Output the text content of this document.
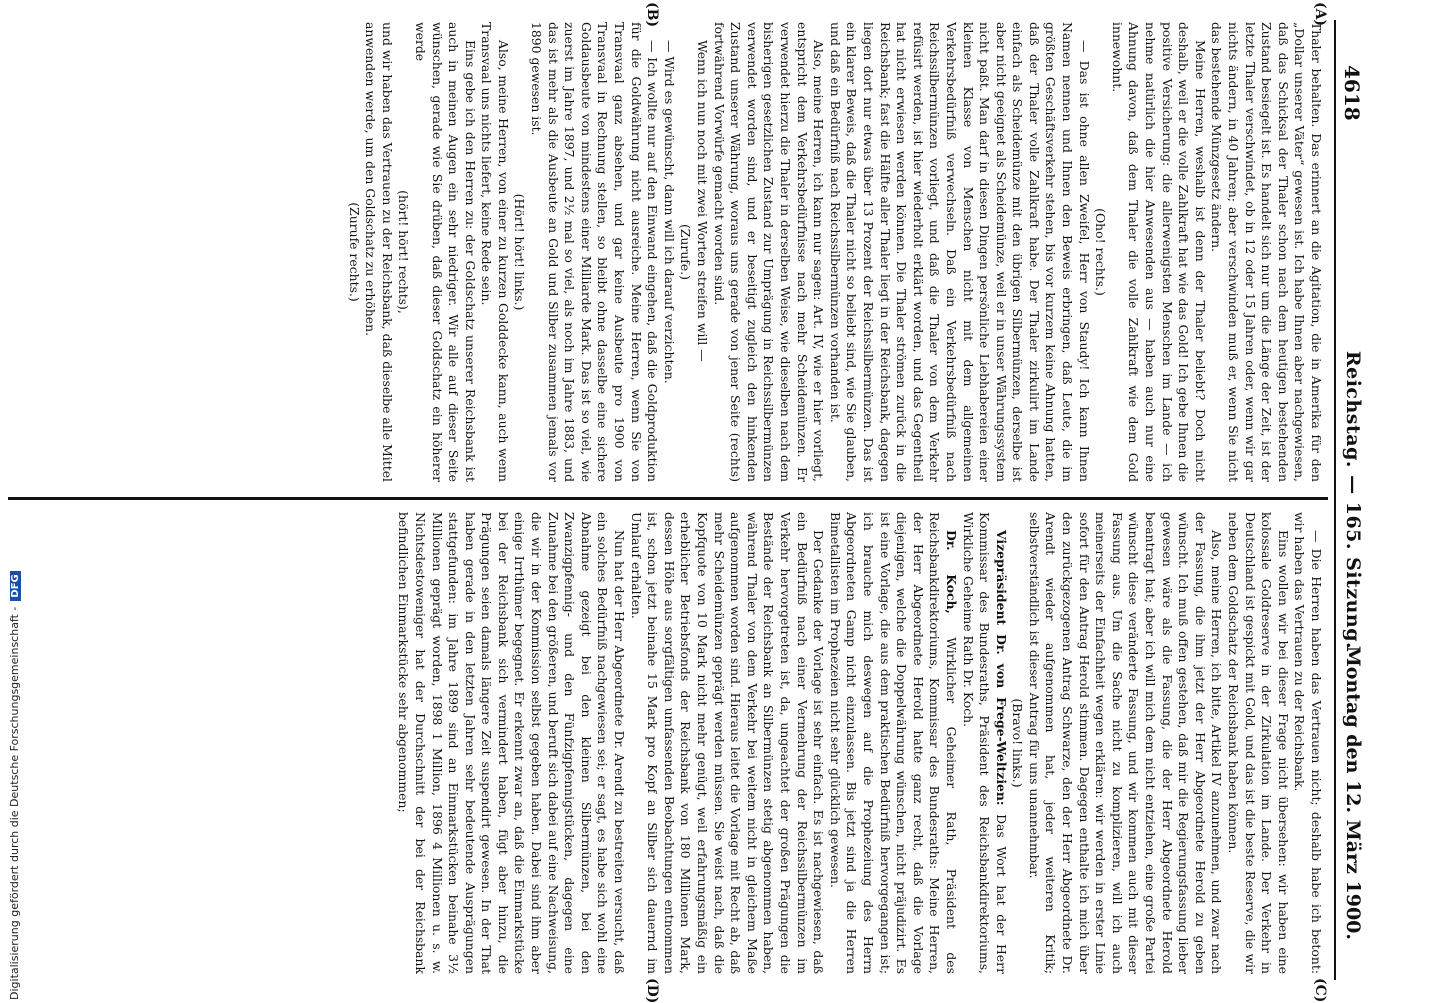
4618
Reichstag. — 165. Sitzung.
Montag den 12. März 1900.
(A)
(B)
(C)
(D)

Thaler behalten. Das erinnert an die Agitation, die in Amerika für den „Dollar unserer Väter“ gewesen ist. Ich habe Ihnen aber nachgewiesen, daß das Schicksal der Thaler schon nach dem heutigen bestehenden Zustand besiegelt ist. Es handelt sich nur um die Länge der Zeit, ist der letzte Thaler verschwindet, ob in 12 oder 15 Jahren oder, wenn wir gar nichts ändern, in 40 Jahren; aber verschwinden muß er, wenn Sie nicht das bestehende Münzgesetz ändern.

Meine Herren, weshalb ist denn der Thaler beliebt? Doch nicht deshalb, weil er die volle Zahlkraft hat wie das Gold! Ich gebe Ihnen die positive Versicherung: die allerwenigsten Menschen im Lande — ich nehme natürlich die hier Anwesenden aus — haben auch nur eine Ahnung davon, daß dem Thaler die volle Zahlkraft wie dem Gold innewohnt.

(Oho! rechts.)

— Das ist ohne allen Zweifel, Herr von Staudy! Ich kann Ihnen Namen nennen und Ihnen den Beweis erbringen, daß Leute, die im größten Geschäftsverkehr stehen, bis vor kurzem keine Ahnung hatten, daß der Thaler volle Zahlkraft habe. Der Thaler zirkulirt im Lande einfach als Scheidemünze mit den übrigen Silbermünzen, derselbe ist aber nicht geeignet als Scheidemünze, weil er in unser Währungssystem nicht paßt. Man darf in diesen Dingen persönliche Liebhabereien einer kleinen Klasse von Menschen nicht mit dem allgemeinen Verkehrsbedürfniß verwechseln. Daß ein Verkehrsbedürfniß nach Reichssilbermünzen vorliegt, und daß die Thaler von dem Verkehr refüsirt werden, ist hier wiederholt erklärt worden, und das Gegentheil hat nicht erwiesen werden können. Die Thaler strömen zurück in die Reichsbank; fast die Hälfte aller Thaler liegt in der Reichsbank, dagegen liegen dort nur etwas über 13 Prozent der Reichssilbermünzen. Das ist ein klarer Beweis, daß die Thaler nicht so beliebt sind, wie Sie glauben, und daß ein Bedürfniß nach Reichssilbermünzen vorhanden ist.

Also, meine Herren, ich kann nur sagen: Art. IV, wie er hier vorliegt, entspricht dem Verkehrsbedürfnisse nach mehr Scheidemünzen. Er verwendet hierzu die Thaler in derselben Weise, wie dieselben nach dem bisherigen gesetzlichen Zustand zur Umprägung in Reichssilbermünzen verwendet worden sind, und er beseitigt zugleich den hinkenden Zustand unserer Währung, woraus uns gerade von jener Seite (rechts) fortwährend Vorwürfe gemacht worden sind.

Wenn ich nun noch mit zwei Worten streifen will —

(Zurufe.)

— Wird es gewünscht, dann will ich darauf verzichten.

— Ich wollte nur auf den Einwand eingehen, daß die Goldproduktion für die Goldwährung nicht ausreiche. Meine Herren, wenn Sie von Transvaal ganz absehen, und gar keine Ausbeute pro 1900 von Transvaal in Rechnung stellen, so bleibt ohne dasselbe eine sichere Goldausbeute von mindestens einer Milliarde Mark. Das ist so viel, wie zuerst im Jahre 1897, und 2½ mal so viel, als noch im Jahre 1883, und das ist mehr als die Ausbeute an Gold und Silber zusammen jemals vor 1890 gewesen ist.

(Hört! hört! links.)

Also, meine Herren, von einer zu kurzen Golddecke kann, auch wenn Transvaal uns nichts liefert, keine Rede sein.

Eins gebe ich den Herren zu: der Goldschatz unserer Reichsbank ist auch in meinen Augen ein sehr niedriger. Wir alle auf dieser Seite wünschen, gerade wie Sie drüben, daß dieser Goldschatz ein höherer werde

(hört! hört! rechts),

und wir haben das Vertrauen zu der Reichsbank, daß dieselbe alle Mittel anwenden werde, um den Goldschatz zu erhöhen.

(Zurufe rechts.)

— Die Herren haben das Vertrauen nicht; deshalb habe ich betont: wir haben das Vertrauen zu der Reichsbank.

Eins wollen wir bei dieser Frage nicht übersehen: wir haben eine kolossale Goldreserve in der Zirkulation im Lande. Der Verkehr in Deutschland ist gespickt mit Gold, und das ist die beste Reserve, die wir neben dem Goldschatz der Reichsbank haben können.

Also, meine Herren, ich bitte, Artikel IV anzunehmen, und zwar nach der Fassung, die ihm jetzt der Herr Abgeordnete Herold zu geben wünscht. Ich muß offen gestehen, daß mir die Regierungsfassung lieber gewesen wäre als die Fassung, die der Herr Abgeordnete Herold beantragt hat; aber ich will mich dem nicht entziehen, eine große Partei wünscht diese veränderte Fassung, und wir kommen auch mit dieser Fassung aus. Um die Sache nicht zu komplizieren, will ich auch meinerseits der Einfachheit wegen erklären: wir werden in erster Linie sofort für den Antrag Herold stimmen. Dagegen enthalte ich mich über den zurückgezogenen Antrag Schwarze, den der Herr Abgeordnete Dr. Arendt wieder aufgenommen hat, jeder weiteren Kritik; selbstverständlich ist dieser Antrag für uns unannehmbar.

(Bravo! links.)

Vizepräsident Dr. von Frege-Weltzien: Das Wort hat der Herr Kommissar des Bundesraths, Präsident des Reichsbankdirektoriums, Wirkliche Geheime Rath Dr. Koch.

Dr. Koch, Wirklicher Geheimer Rath, Präsident des Reichsbankdirektoriums, Kommissar des Bundesraths: Meine Herren, der Herr Abgeordnete Herold hatte ganz recht, daß die Vorlage diejenigen, welche die Doppelwährung wünschen, nicht präjudizirt. Es ist eine Vorlage, die aus dem praktischen Bedürfniß hervorgegangen ist; ich brauche mich deswegen auf die Prophezeiung des Herrn Abgeordneten Gamp nicht einzulassen. Bis jetzt sind ja die Herren Bimetallisten im Prophezeien nicht sehr glücklich gewesen.

Der Gedanke der Vorlage ist sehr einfach. Es ist nachgewiesen, daß ein Bedürfniß nach einer Vermehrung der Reichssilbermünzen im Verkehr hervorgetreten ist, da, ungeachtet der großen Prägungen die Bestände der Reichsbank an Silbermünzen stetig abgenommen haben, während Thaler von dem Verkehr bei weitem nicht in gleichem Maße aufgenommen worden sind. Hieraus leitet die Vorlage mit Recht ab, daß mehr Scheidemünzen geprägt werden müssen. Sie weist nach, daß die Kopfquote von 10 Mark nicht mehr genügt, weil erfahrungsmäßig ein erheblicher Betriebsfonds der Reichsbank von 180 Millionen Mark, dessen Höhe aus sorgfältigen umfassenden Beobachtungen entnommen ist, schon jetzt beinahe 15 Mark pro Kopf an Silber sich dauernd im Umlauf erhalten.

Nun hat der Herr Abgeordnete Dr. Arendt zu bestreiten versucht, daß ein solches Bedürfniß nachgewiesen sei; er sagt, es habe sich wohl eine Abnahme gezeigt bei den kleinen Silbermünzen, bei den Zwanzigpfennig- und den Fünfzigpfennigstücken, dagegen eine Zunahme bei den größeren, und beruft sich dabei auf eine Nachweisung, die wir in der Kommission selbst gegeben haben. Dabei sind ihm aber einige Irrthümer begegnet. Er erkennt zwar an, daß die Einmarkstücke bei der Reichsbank sich vermindert haben, fügt aber hinzu, die Prägungen seien damals längere Zeit suspendirt gewesen. In der That haben gerade in den letzten Jahren sehr bedeutende Ausprägungen stattgefunden: im Jahre 1899 sind an Einmarkstücken beinahe 3½ Millionen geprägt worden, 1898 1 Million, 1896 4 Millionen u. s. w. Nichtsdestoweniger hat der Durchschnitt der bei der Reichsbank befindlichen Einmarkstücke sehr abgenommen;

Digitalisierung gefördert durch die Deutsche Forschungsgemeinschaft -DFG
